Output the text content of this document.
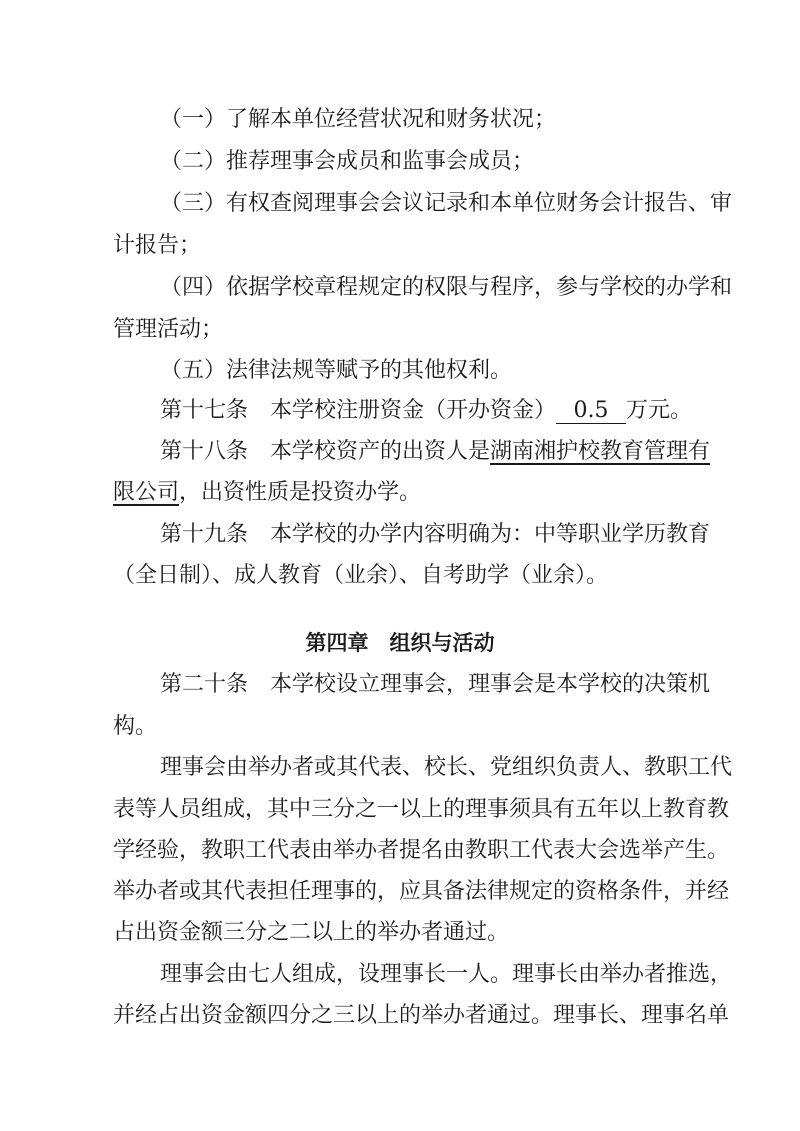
（一）了解本单位经营状况和财务状况；
（二）推荐理事会成员和监事会成员；
（三）有权查阅理事会会议记录和本单位财务会计报告、审
计报告；
（四）依据学校章程规定的权限与程序，参与学校的办学和
管理活动；
（五）法律法规等赋予的其他权利。
第十七条　本学校注册资金（开办资金） 0.5 万元。
第十八条　本学校资产的出资人是湖南湘护校教育管理有
限公司，出资性质是投资办学。
第十九条　本学校的办学内容明确为：中等职业学历教育
（全日制）、成人教育（业余）、自考助学（业余）。
第四章　组织与活动
第二十条　本学校设立理事会，理事会是本学校的决策机
构。
理事会由举办者或其代表、校长、党组织负责人、教职工代
表等人员组成，其中三分之一以上的理事须具有五年以上教育教
学经验，教职工代表由举办者提名由教职工代表大会选举产生。
举办者或其代表担任理事的，应具备法律规定的资格条件，并经
占出资金额三分之二以上的举办者通过。
理事会由七人组成，设理事长一人。理事长由举办者推选，
并经占出资金额四分之三以上的举办者通过。理事长、理事名单
